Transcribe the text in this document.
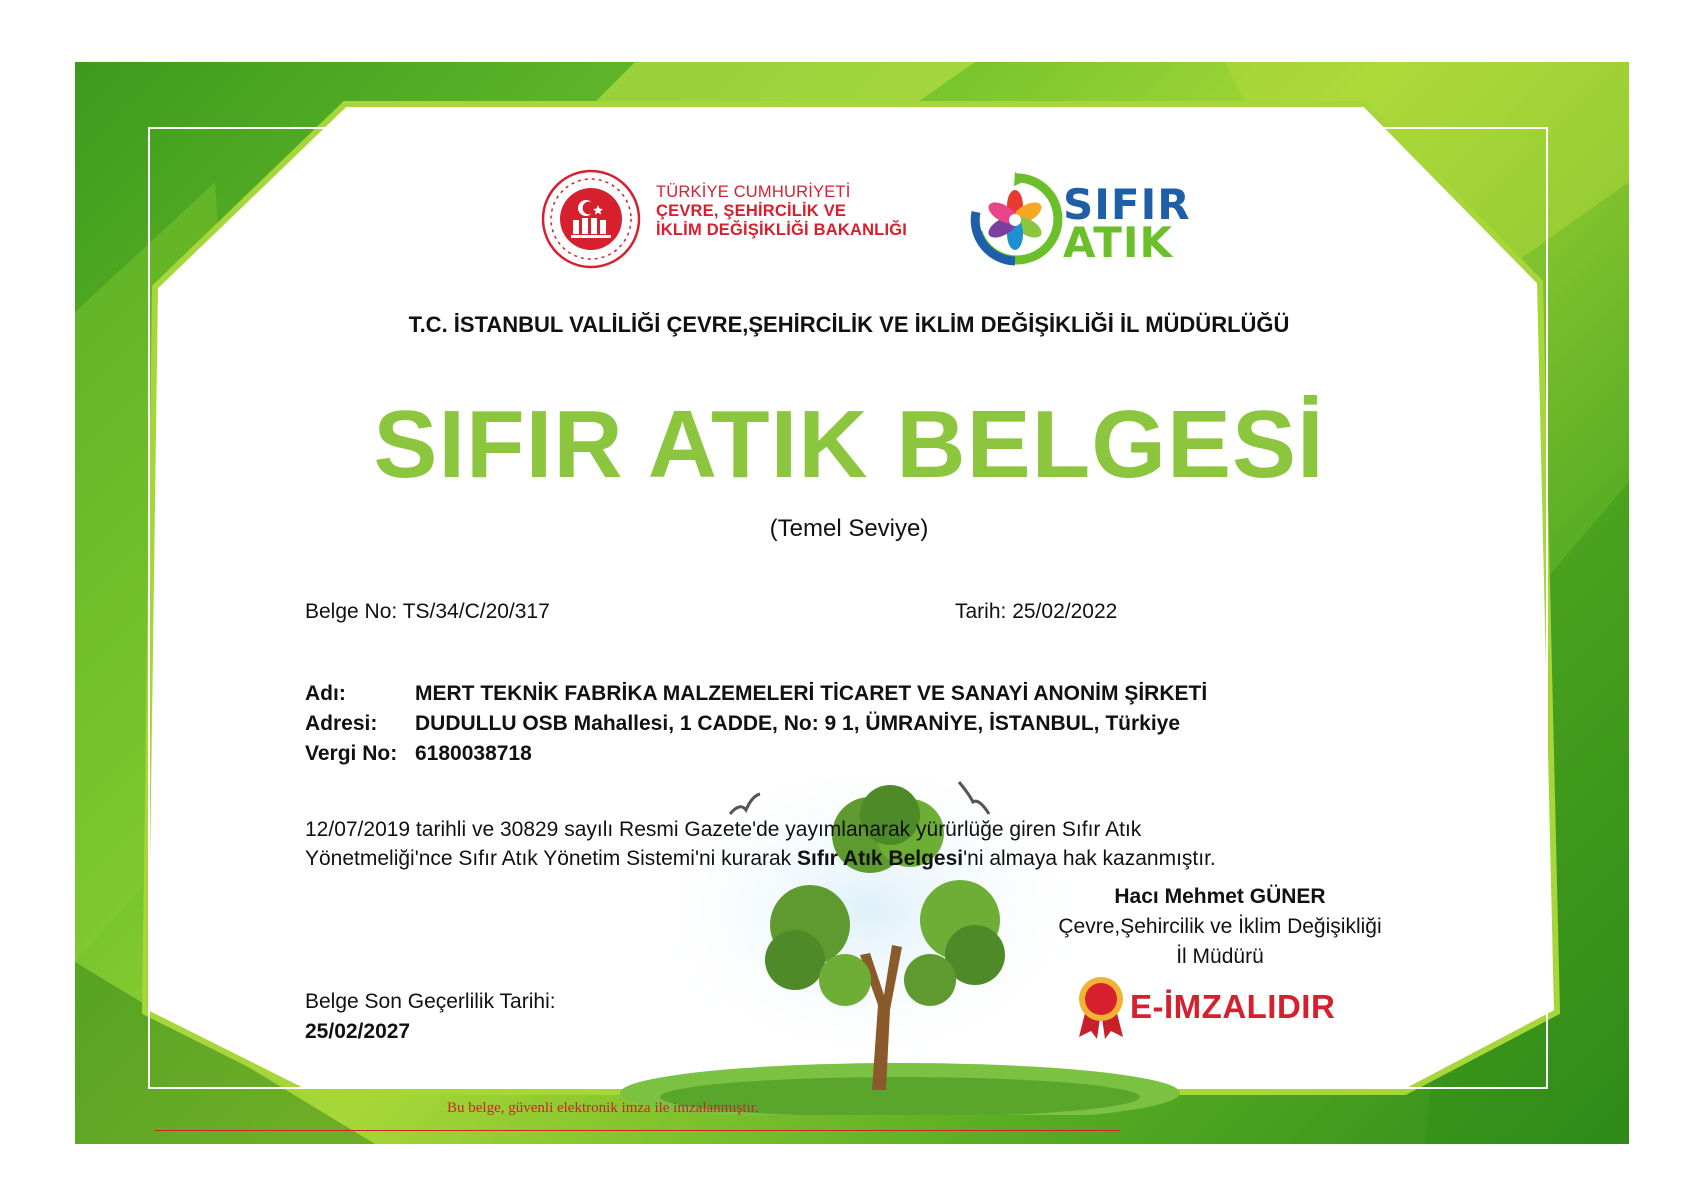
TÜRKİYE CUMHURİYETİ
ÇEVRE, ŞEHİRCİLİK VE
İKLİM DEĞİŞİKLİĞİ BAKANLIĞI
SIFIR
ATIK
T.C. İSTANBUL VALİLİĞİ ÇEVRE,ŞEHİRCİLİK VE İKLİM DEĞİŞİKLİĞİ İL MÜDÜRLÜĞÜ
SIFIR ATIK BELGESİ
(Temel Seviye)
Belge No: TS/34/C/20/317	Tarih: 25/02/2022
Adı:	MERT TEKNİK FABRİKA MALZEMELERİ TİCARET VE SANAYİ ANONİM ŞİRKETİ
Adresi: DUDULLU OSB Mahallesi, 1 CADDE, No: 9 1, ÜMRANİYE, İSTANBUL, Türkiye
Vergi No: 6180038718
12/07/2019 tarihli ve 30829 sayılı Resmi Gazete'de yayımlanarak yürürlüğe giren Sıfır Atık
Yönetmeliği'nce Sıfır Atık Yönetim Sistemi'ni kurarak Sıfır Atık Belgesi'ni almaya hak kazanmıştır.
Hacı Mehmet GÜNER
Çevre,Şehircilik ve İklim Değişikliği
İl Müdürü
E-İMZALIDIR
Belge Son Geçerlilik Tarihi:
25/02/2027
Bu belge, güvenli elektronik imza ile imzalanmıştır.
